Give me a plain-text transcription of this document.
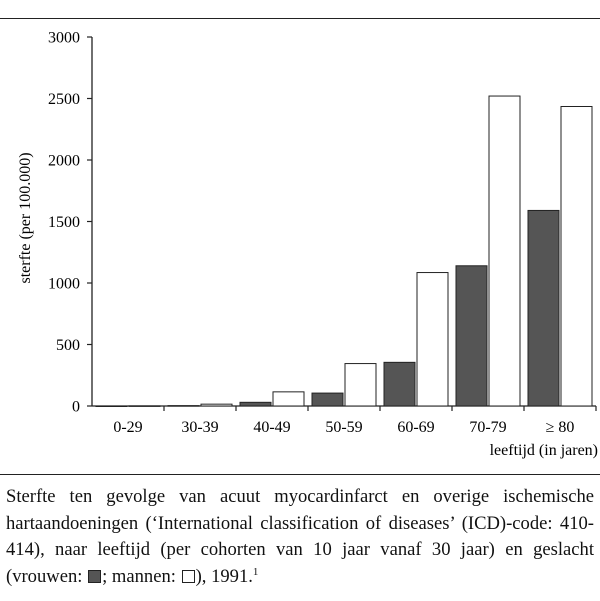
0
500
1000
1500
2000
2500
3000
0-29 30-39 40-49 50-59 60-69 70-79 ≥ 80
sterfte (per 100.000)
leeftijd (in jaren)
Sterfte ten gevolge van acuut myocardinfarct en overige ischemische hartaandoeningen (‘International classification of diseases’ (ICD)-code: 410-414), naar leeftijd (per cohorten van 10 jaar vanaf 30 jaar) en geslacht (vrouwen: ; mannen: ), 1991.$^1$
